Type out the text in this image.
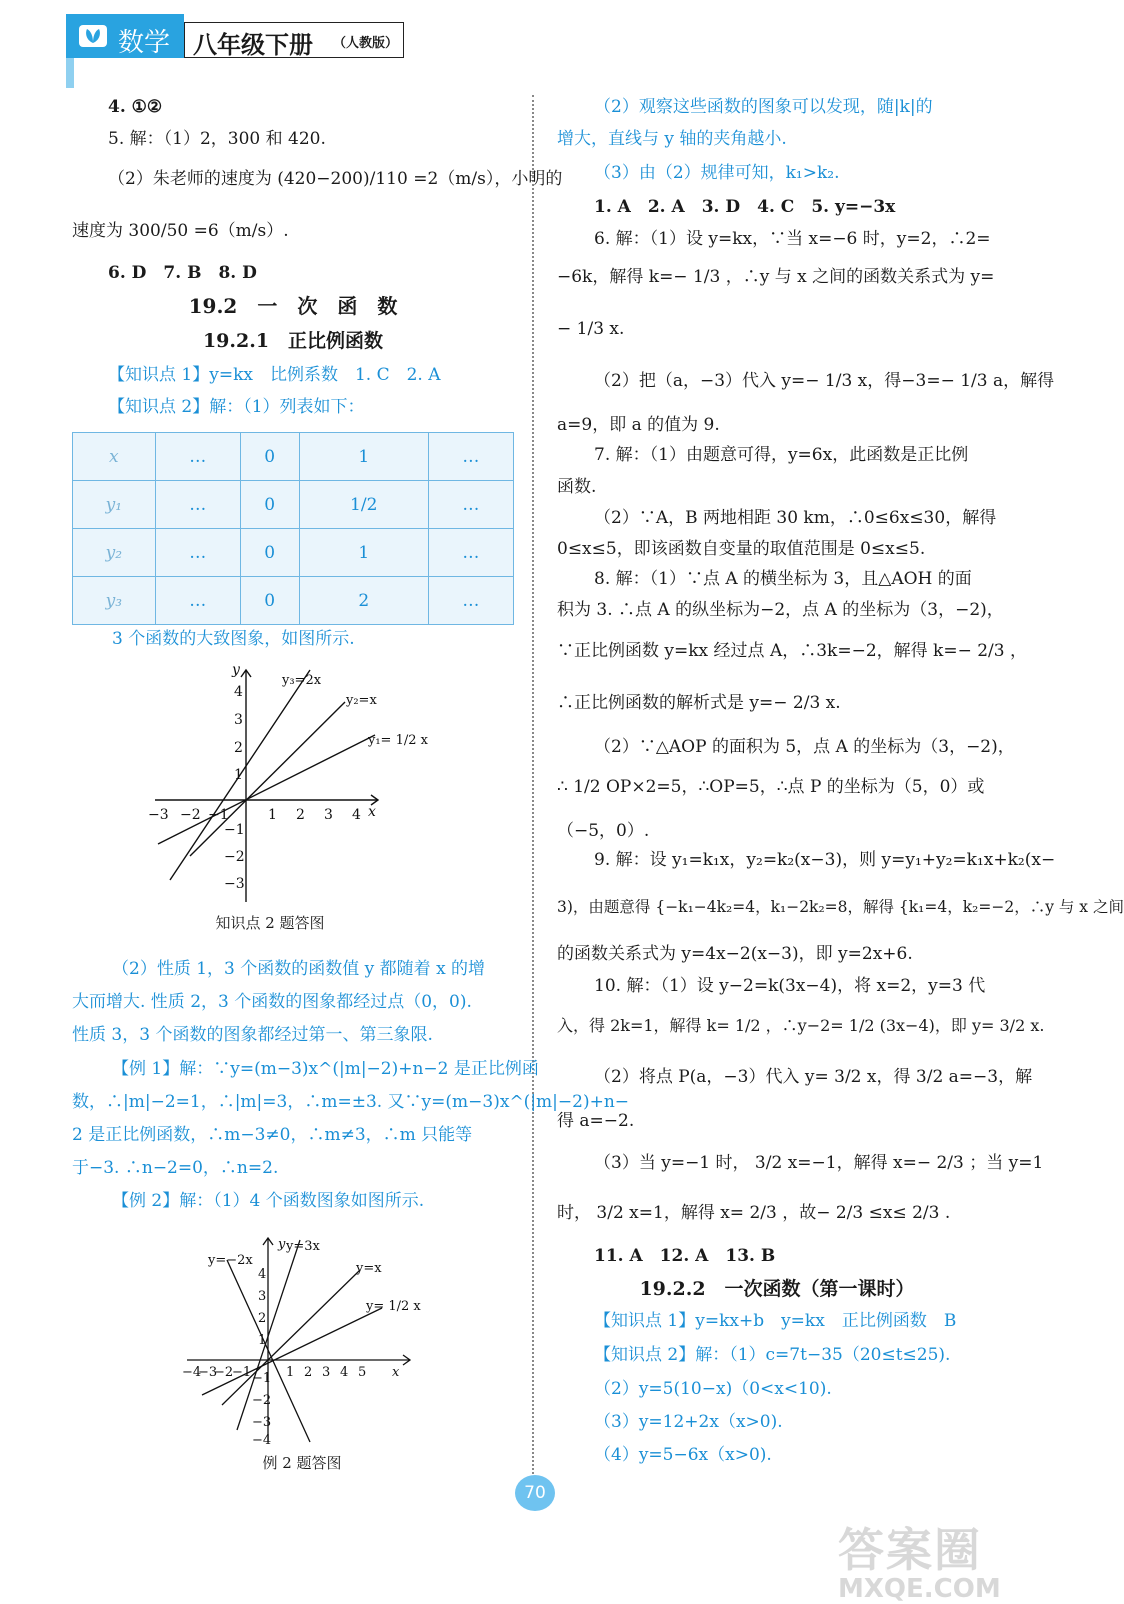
数学 八年级下册 （人教版）
4. ①②
5. 解：（1）2，300 和 420.
（2）朱老师的速度为 (420−200)/110 =2（m/s），小明的
速度为 300/50 =6（m/s）.
6. D　7. B　8. D
19.2　一　次　函　数
19.2.1　正比例函数
【知识点 1】y=kx　比例系数　1. C　2. A
【知识点 2】解：（1）列表如下：
x	…	0	1	…
y₁	…	0	1/2	…
y₂	…	0	1	…
y₃	…	0	2	…
3 个函数的大致图象，如图所示.
−3 −2 −1	1 2 3 4
4
3
2
1
−1
−2
−3
x
y
y₃=2x
y₂=x
y₁= 1/2 x
知识点 2 题答图
（2）性质 1，3 个函数的函数值 y 都随着 x 的增
大而增大. 性质 2，3 个函数的图象都经过点（0，0).
性质 3，3 个函数的图象都经过第一、第三象限.
【例 1】解：∵y=(m−3)x^(|m|−2)+n−2 是正比例函
数，∴|m|−2=1，∴|m|=3，∴m=±3. 又∵y=(m−3)x^(|m|−2)+n−
2 是正比例函数，∴m−3≠0，∴m≠3，∴m 只能等
于−3. ∴n−2=0，∴n=2.
【例 2】解：（1）4 个函数图象如图所示.
−4
−3
−2
−1	1 2 3 4 5
4
3
2
1
−1
−2
−3
−4
x
y
y=−2x
y=3x
y=x
y= 1/2 x
例 2 题答图
（2）观察这些函数的图象可以发现，随|k|的
增大，直线与 y 轴的夹角越小.
（3）由（2）规律可知，k₁>k₂.
1. A　2. A　3. D　4. C　5. y=−3x
6. 解：（1）设 y=kx，∵当 x=−6 时，y=2，∴2=
−6k，解得 k=− 1/3 ，∴y 与 x 之间的函数关系式为 y=
− 1/3 x.
（2）把（a，−3）代入 y=− 1/3 x，得−3=− 1/3 a，解得
a=9，即 a 的值为 9.
7. 解：（1）由题意可得，y=6x，此函数是正比例
函数.
（2）∵A，B 两地相距 30 km，∴0≤6x≤30，解得
0≤x≤5，即该函数自变量的取值范围是 0≤x≤5.
8. 解：（1）∵点 A 的横坐标为 3，且△AOH 的面
积为 3. ∴点 A 的纵坐标为−2，点 A 的坐标为（3，−2)，
∵正比例函数 y=kx 经过点 A，∴3k=−2，解得 k=− 2/3 ，
∴正比例函数的解析式是 y=− 2/3 x.
（2）∵△AOP 的面积为 5，点 A 的坐标为（3，−2)，
∴ 1/2 OP×2=5，∴OP=5，∴点 P 的坐标为（5，0）或
（−5，0）.
9. 解：设 y₁=k₁x，y₂=k₂(x−3)，则 y=y₁+y₂=k₁x+k₂(x−
3)，由题意得 {−k₁−4k₂=4，k₁−2k₂=8，解得 {k₁=4，k₂=−2，∴y 与 x 之间
的函数关系式为 y=4x−2(x−3)，即 y=2x+6.
10. 解：（1）设 y−2=k(3x−4)，将 x=2，y=3 代
入，得 2k=1，解得 k= 1/2 ，∴y−2= 1/2 (3x−4)，即 y= 3/2 x.
（2）将点 P(a，−3）代入 y= 3/2 x，得 3/2 a=−3，解
得 a=−2.
（3）当 y=−1 时， 3/2 x=−1，解得 x=− 2/3 ；当 y=1
时， 3/2 x=1，解得 x= 2/3 ，故− 2/3 ≤x≤ 2/3 .
11. A　12. A　13. B
19.2.2　一次函数（第一课时）
【知识点 1】y=kx+b　y=kx　正比例函数　B
【知识点 2】解：（1）c=7t−35（20≤t≤25).
（2）y=5(10−x)（0<x<10).
（3）y=12+2x（x>0).
（4）y=5−6x（x>0).
70
答案圈
MXQE.COM
